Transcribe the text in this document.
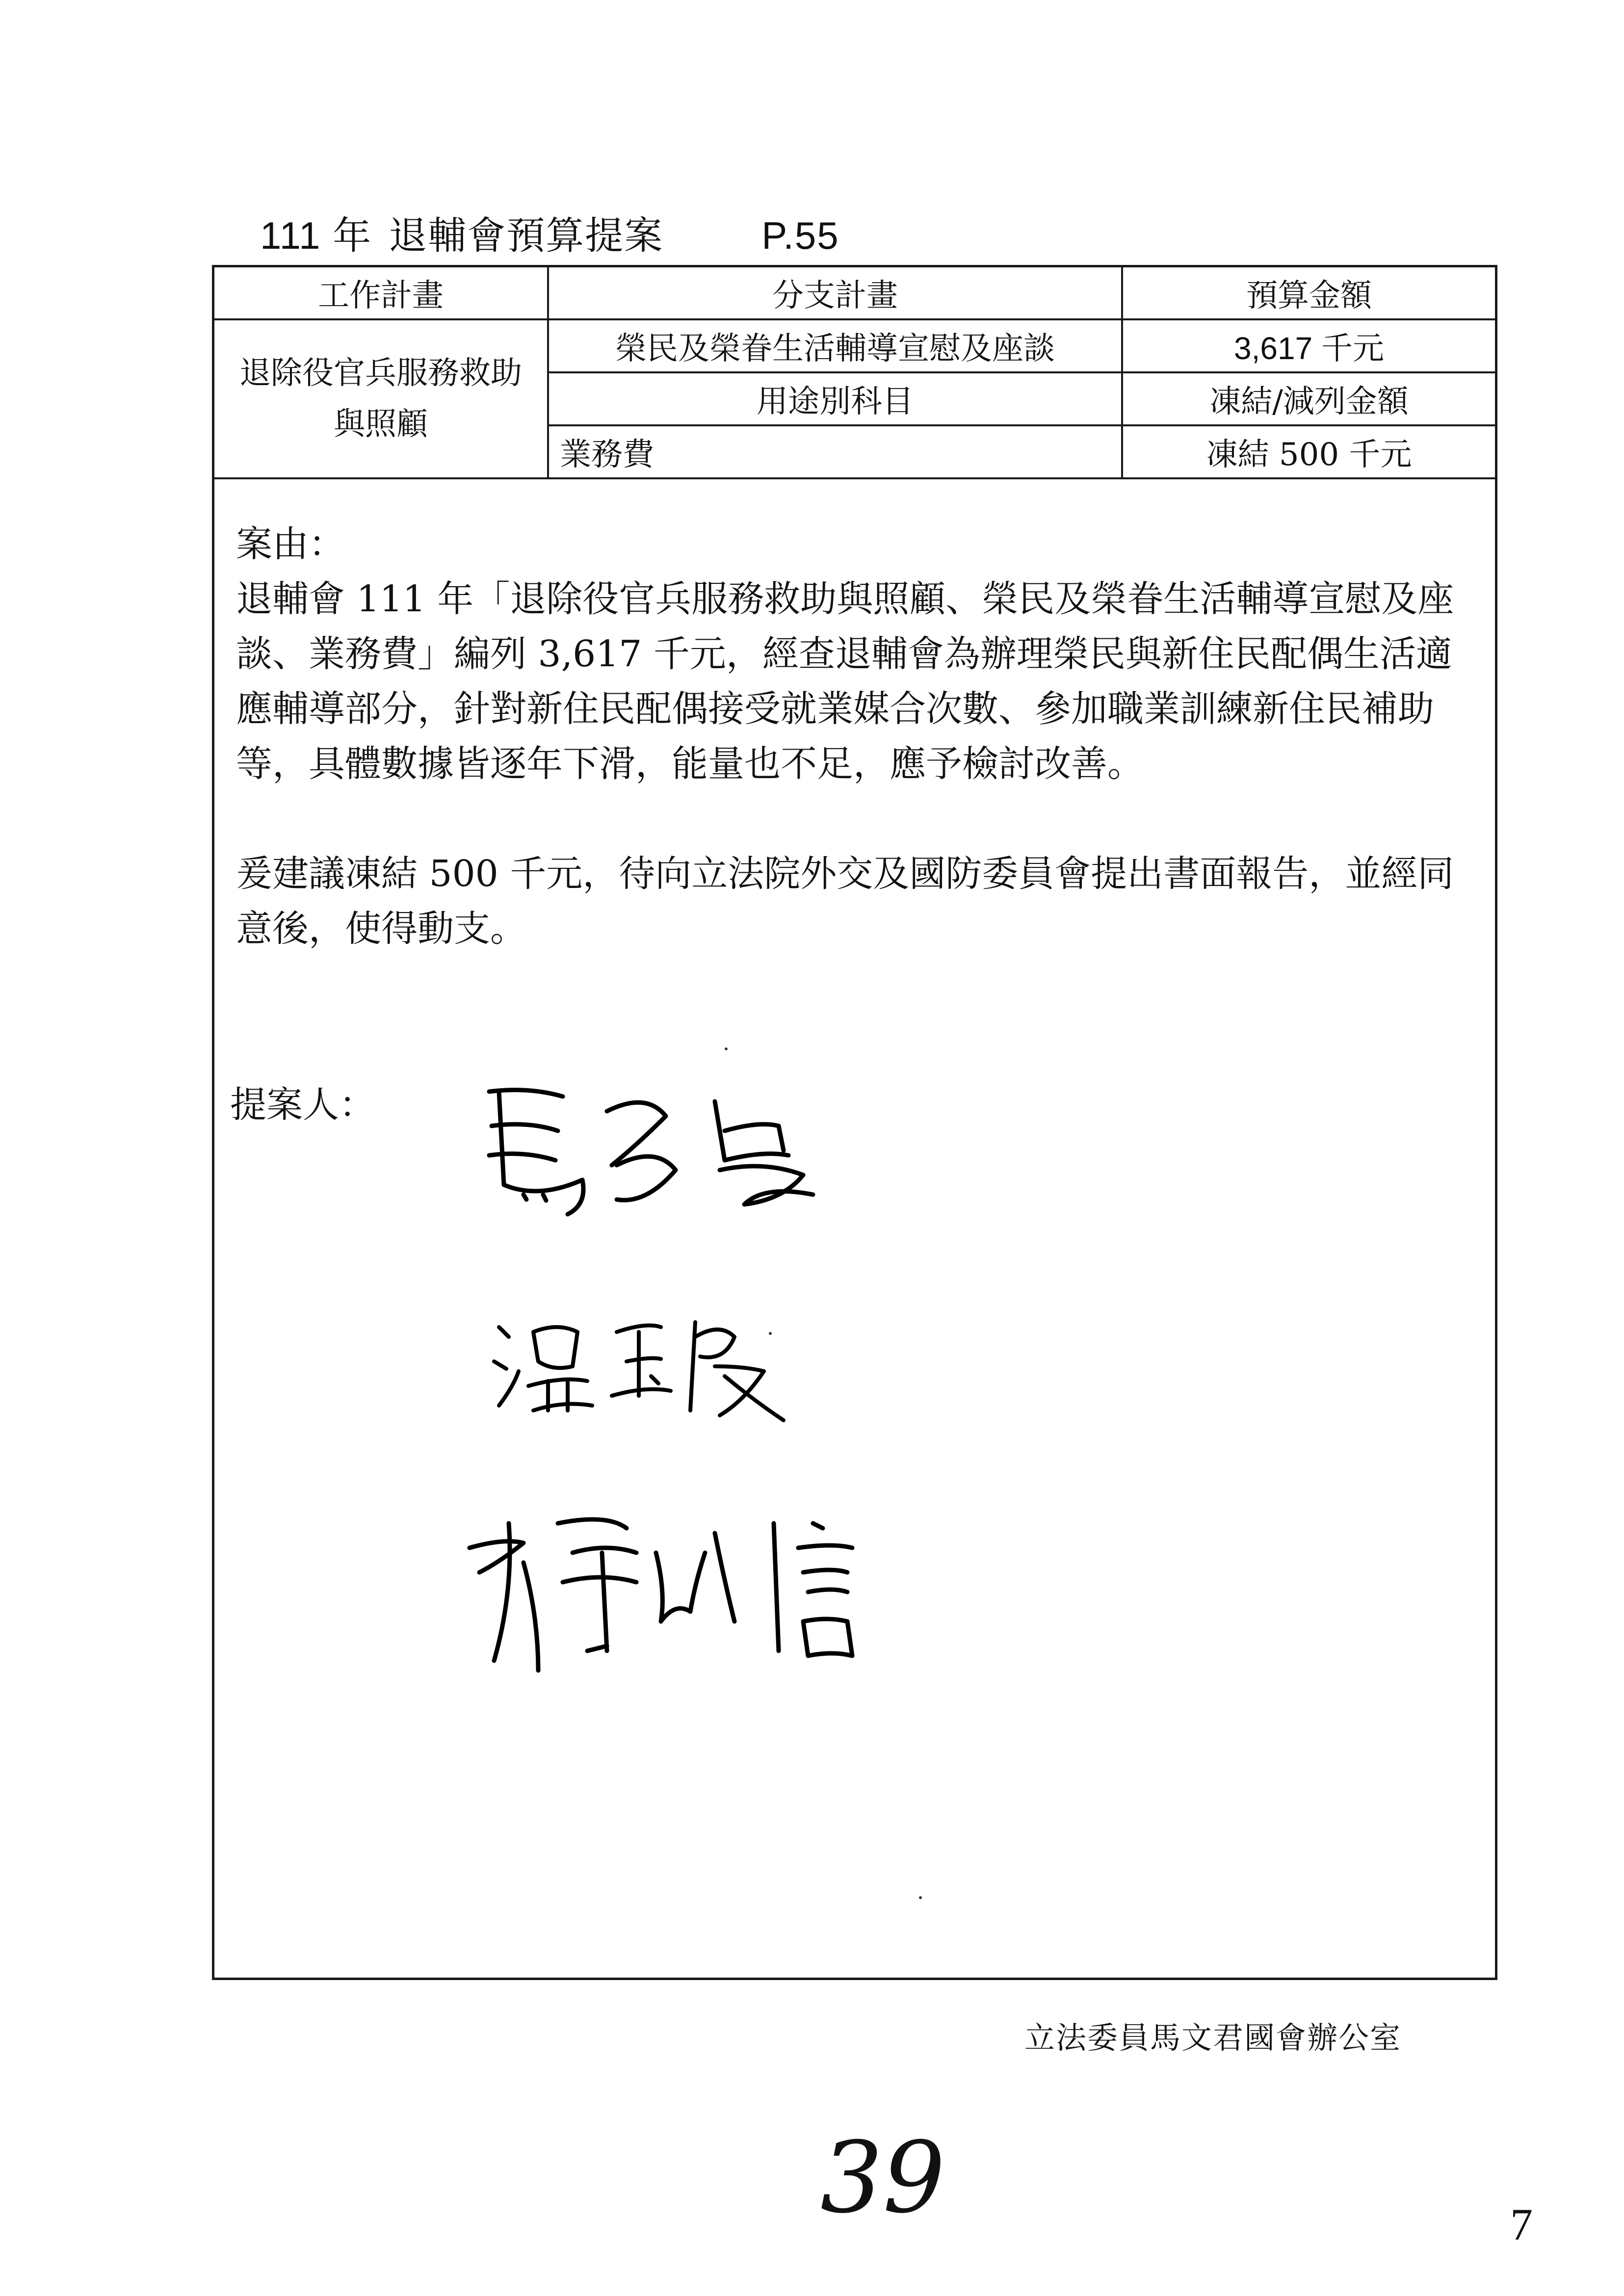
111 年 退輔會預算提案	P.55
工作計畫	分支計畫	預算金額
退除役官兵服務救助與照顧	榮民及榮眷生活輔導宣慰及座談	3,617 千元
	用途別科目	凍結/減列金額
	業務費	凍結 500 千元

案由：

退輔會 111 年「退除役官兵服務救助與照顧、榮民及榮眷生活輔導宣慰及座談、業務費」編列 3,617 千元，經查退輔會為辦理榮民與新住民配偶生活適應輔導部分，針對新住民配偶接受就業媒合次數、參加職業訓練新住民補助等，具體數據皆逐年下滑，能量也不足，應予檢討改善。

爰建議凍結 500 千元，待向立法院外交及國防委員會提出書面報告，並經同意後，使得動支。

提案人：
立法委員馬文君國會辦公室
39	7
